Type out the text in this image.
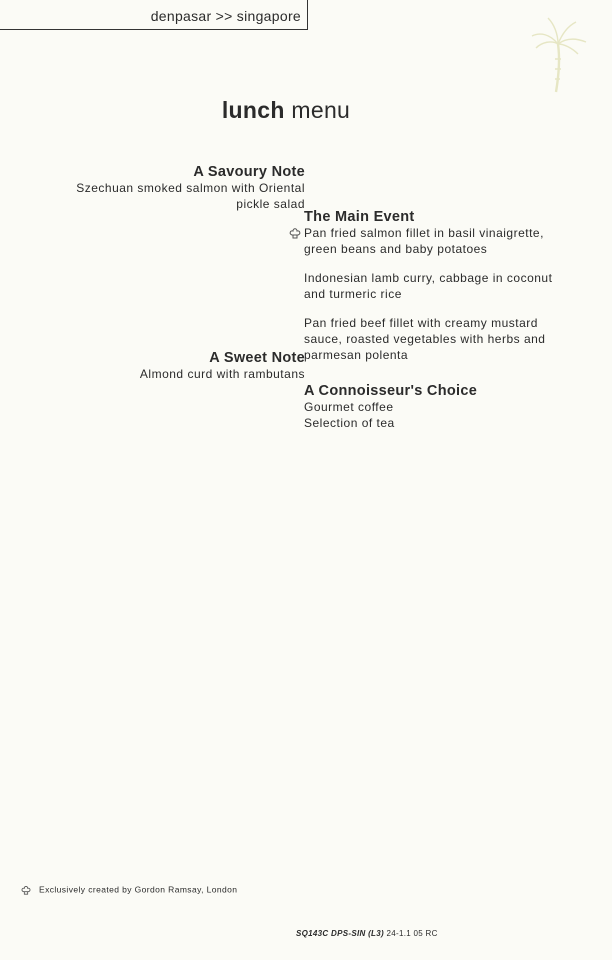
denpasar >> singapore
lunch menu
A Savoury Note
Szechuan smoked salmon with Oriental
pickle salad
The Main Event
Pan fried salmon fillet in basil vinaigrette,
green beans and baby potatoes
Indonesian lamb curry, cabbage in coconut
and turmeric rice
Pan fried beef fillet with creamy mustard
sauce, roasted vegetables with herbs and
parmesan polenta
A Sweet Note
Almond curd with rambutans
A Connoisseur's Choice
Gourmet coffee
Selection of tea
Exclusively created by Gordon Ramsay, London
SQ143C DPS-SIN (L3) 24-1.1 05 RC
